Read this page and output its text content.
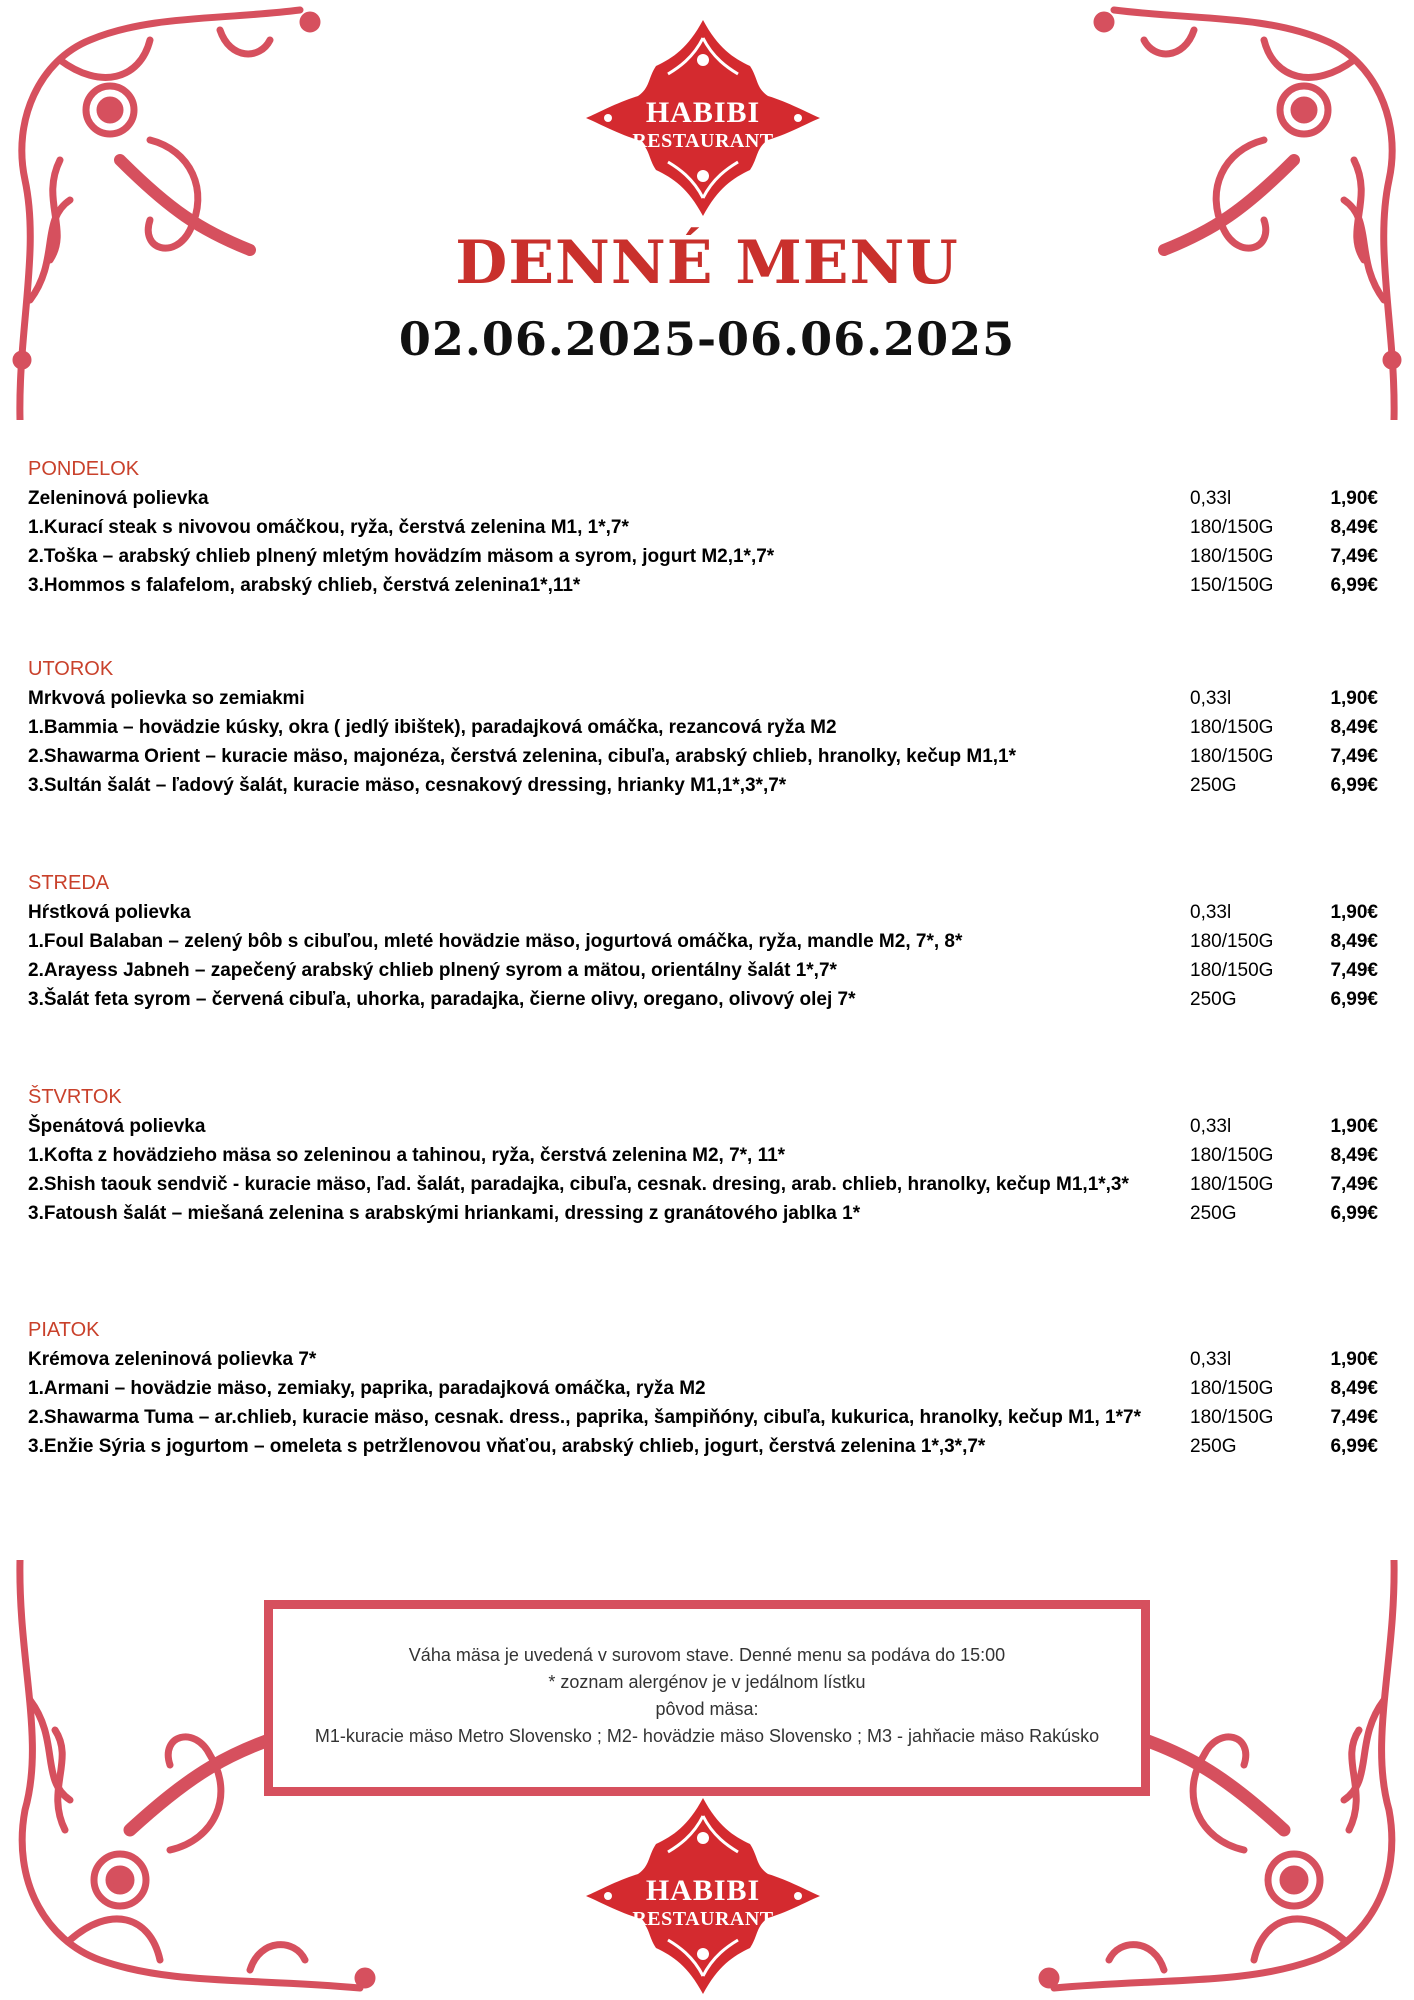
HABIBI
RESTAURANT
DENNÉ MENU
02.06.2025-06.06.2025
PONDELOK
Zeleninová polievka	0,33l	1,90€
1.Kurací steak s nivovou omáčkou, ryža, čerstvá zelenina M1, 1*,7*	180/150G	8,49€
2.Toška – arabský chlieb plnený mletým hovädzím mäsom a syrom, jogurt M2,1*,7*	180/150G	7,49€
3.Hommos s falafelom, arabský chlieb, čerstvá zelenina1*,11*	150/150G	6,99€
UTOROK
Mrkvová polievka so zemiakmi	0,33l	1,90€
1.Bammia – hovädzie kúsky, okra ( jedlý ibištek), paradajková omáčka, rezancová ryža M2	180/150G	8,49€
2.Shawarma Orient – kuracie mäso, majonéza, čerstvá zelenina, cibuľa, arabský chlieb, hranolky, kečup M1,1*	180/150G	7,49€
3.Sultán šalát – ľadový šalát, kuracie mäso, cesnakový dressing, hrianky M1,1*,3*,7*	250G	6,99€
STREDA
Hŕstková polievka	0,33l	1,90€
1.Foul Balaban – zelený bôb s cibuľou, mleté hovädzie mäso, jogurtová omáčka, ryža, mandle M2, 7*, 8*	180/150G	8,49€
2.Arayess Jabneh – zapečený arabský chlieb plnený syrom a mätou, orientálny šalát 1*,7*	180/150G	7,49€
3.Šalát feta syrom – červená cibuľa, uhorka, paradajka, čierne olivy, oregano, olivový olej 7*	250G	6,99€
ŠTVRTOK
Špenátová polievka	0,33l	1,90€
1.Kofta z hovädzieho mäsa so zeleninou a tahinou, ryža, čerstvá zelenina M2, 7*, 11*	180/150G	8,49€
2.Shish taouk sendvič - kuracie mäso, ľad. šalát, paradajka, cibuľa, cesnak. dresing, arab. chlieb, hranolky, kečup M1,1*,3*	180/150G	7,49€
3.Fatoush šalát – miešaná zelenina s arabskými hriankami, dressing z granátového jablka 1*	250G	6,99€
PIATOK
Krémova zeleninová polievka 7*	0,33l	1,90€
1.Armani – hovädzie mäso, zemiaky, paprika, paradajková omáčka, ryža M2	180/150G	8,49€
2.Shawarma Tuma – ar.chlieb, kuracie mäso, cesnak. dress., paprika, šampiňóny, cibuľa, kukurica, hranolky, kečup M1, 1*7*	180/150G	7,49€
3.Enžie Sýria s jogurtom – omeleta s petržlenovou vňaťou, arabský chlieb, jogurt, čerstvá zelenina 1*,3*,7*	250G	6,99€
Váha mäsa je uvedená v surovom stave. Denné menu sa podáva do 15:00
* zoznam alergénov je v jedálnom lístku
pôvod mäsa:
M1-kuracie mäso Metro Slovensko ; M2- hovädzie mäso Slovensko ; M3 - jahňacie mäso Rakúsko
HABIBI
RESTAURANT
